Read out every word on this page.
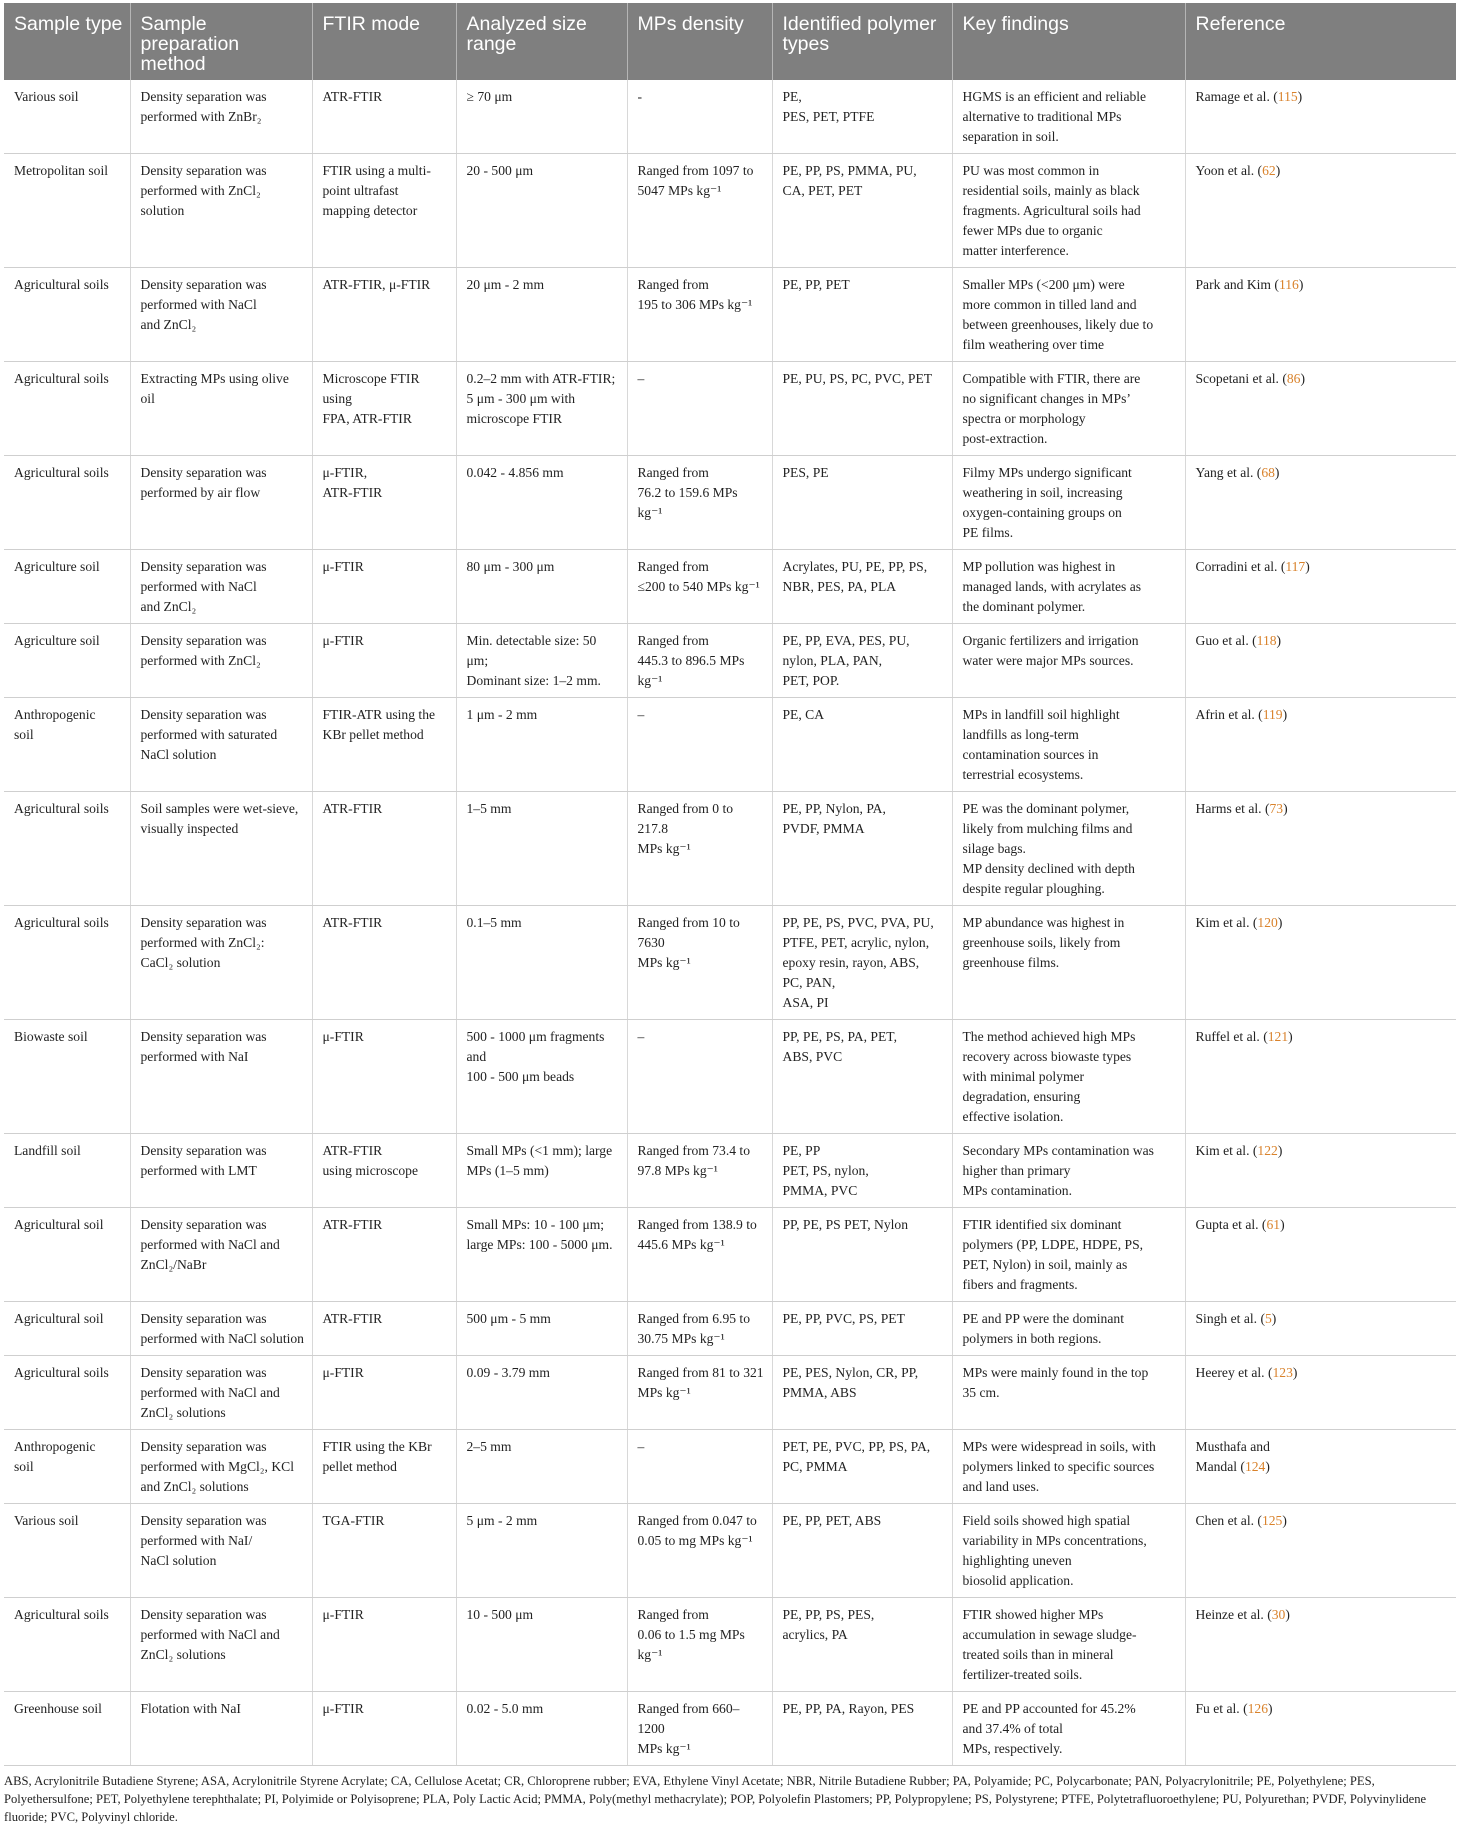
Sample type	Sample preparation method	FTIR mode	Analyzed size range	MPs density	Identified polymer types	Key findings	Reference
Various soil	Density separation was
performed with ZnBr₂	ATR-FTIR	≥ 70 μm	-	PE,
PES, PET, PTFE	HGMS is an efficient and reliable
alternative to traditional MPs
separation in soil.	Ramage et al. (115)
Metropolitan soil	Density separation was
performed with ZnCl₂ solution	FTIR using a multi-
point ultrafast
mapping detector	20 - 500 μm	Ranged from 1097 to
5047 MPs kg⁻¹	PE, PP, PS, PMMA, PU,
CA, PET, PET	PU was most common in
residential soils, mainly as black
fragments. Agricultural soils had
fewer MPs due to organic
matter interference.	Yoon et al. (62)
Agricultural soils	Density separation was
performed with NaCl
and ZnCl₂	ATR-FTIR, μ-FTIR	20 μm - 2 mm	Ranged from
195 to 306 MPs kg⁻¹	PE, PP, PET	Smaller MPs (<200 μm) were
more common in tilled land and
between greenhouses, likely due to
film weathering over time	Park and Kim (116)
Agricultural soils	Extracting MPs using olive oil	Microscope FTIR using
FPA, ATR-FTIR	0.2–2 mm with ATR-FTIR;
5 μm - 300 μm with
microscope FTIR	–	PE, PU, PS, PC, PVC, PET	Compatible with FTIR, there are
no significant changes in MPs’
spectra or morphology
post-extraction.	Scopetani et al. (86)
Agricultural soils	Density separation was
performed by air flow	μ-FTIR,
ATR-FTIR	0.042 - 4.856 mm	Ranged from
76.2 to 159.6 MPs kg⁻¹	PES, PE	Filmy MPs undergo significant
weathering in soil, increasing
oxygen-containing groups on
PE films.	Yang et al. (68)
Agriculture soil	Density separation was
performed with NaCl
and ZnCl₂	μ-FTIR	80 μm - 300 μm	Ranged from
≤200 to 540 MPs kg⁻¹	Acrylates, PU, PE, PP, PS,
NBR, PES, PA, PLA	MP pollution was highest in
managed lands, with acrylates as
the dominant polymer.	Corradini et al. (117)
Agriculture soil	Density separation was
performed with ZnCl₂	μ-FTIR	Min. detectable size: 50 μm;
Dominant size: 1–2 mm.	Ranged from
445.3 to 896.5 MPs kg⁻¹	PE, PP, EVA, PES, PU,
nylon, PLA, PAN,
PET, POP.	Organic fertilizers and irrigation
water were major MPs sources.	Guo et al. (118)
Anthropogenic
soil	Density separation was
performed with saturated
NaCl solution	FTIR-ATR using the
KBr pellet method	1 μm - 2 mm	–	PE, CA	MPs in landfill soil highlight
landfills as long-term
contamination sources in
terrestrial ecosystems.	Afrin et al. (119)
Agricultural soils	Soil samples were wet-sieve,
visually inspected	ATR-FTIR	1–5 mm	Ranged from 0 to 217.8
MPs kg⁻¹	PE, PP, Nylon, PA,
PVDF, PMMA	PE was the dominant polymer,
likely from mulching films and
silage bags.
MP density declined with depth
despite regular ploughing.	Harms et al. (73)
Agricultural soils	Density separation was
performed with ZnCl₂:
CaCl₂ solution	ATR-FTIR	0.1–5 mm	Ranged from 10 to 7630
MPs kg⁻¹	PP, PE, PS, PVC, PVA, PU,
PTFE, PET, acrylic, nylon,
epoxy resin, rayon, ABS,
PC, PAN,
ASA, PI	MP abundance was highest in
greenhouse soils, likely from
greenhouse films.	Kim et al. (120)
Biowaste soil	Density separation was
performed with NaI	μ-FTIR	500 - 1000 μm fragments and
100 - 500 μm beads	–	PP, PE, PS, PA, PET,
ABS, PVC	The method achieved high MPs
recovery across biowaste types
with minimal polymer
degradation, ensuring
effective isolation.	Ruffel et al. (121)
Landfill soil	Density separation was
performed with LMT	ATR-FTIR
using microscope	Small MPs (<1 mm); large
MPs (1–5 mm)	Ranged from 73.4 to
97.8 MPs kg⁻¹	PE, PP
PET, PS, nylon,
PMMA, PVC	Secondary MPs contamination was
higher than primary
MPs contamination.	Kim et al. (122)
Agricultural soil	Density separation was
performed with NaCl and
ZnCl₂/NaBr	ATR-FTIR	Small MPs: 10 - 100 μm;
large MPs: 100 - 5000 μm.	Ranged from 138.9 to
445.6 MPs kg⁻¹	PP, PE, PS PET, Nylon	FTIR identified six dominant
polymers (PP, LDPE, HDPE, PS,
PET, Nylon) in soil, mainly as
fibers and fragments.	Gupta et al. (61)
Agricultural soil	Density separation was
performed with NaCl solution	ATR-FTIR	500 μm - 5 mm	Ranged from 6.95 to
30.75 MPs kg⁻¹	PE, PP, PVC, PS, PET	PE and PP were the dominant
polymers in both regions.	Singh et al. (5)
Agricultural soils	Density separation was
performed with NaCl and
ZnCl₂ solutions	μ-FTIR	0.09 - 3.79 mm	Ranged from 81 to 321
MPs kg⁻¹	PE, PES, Nylon, CR, PP,
PMMA, ABS	MPs were mainly found in the top
35 cm.	Heerey et al. (123)
Anthropogenic
soil	Density separation was
performed with MgCl₂, KCl
and ZnCl₂ solutions	FTIR using the KBr
pellet method	2–5 mm	–	PET, PE, PVC, PP, PS, PA,
PC, PMMA	MPs were widespread in soils, with
polymers linked to specific sources
and land uses.	Musthafa and
Mandal (124)
Various soil	Density separation was
performed with NaI/
NaCl solution	TGA-FTIR	5 μm - 2 mm	Ranged from 0.047 to
0.05 to mg MPs kg⁻¹	PE, PP, PET, ABS	Field soils showed high spatial
variability in MPs concentrations,
highlighting uneven
biosolid application.	Chen et al. (125)
Agricultural soils	Density separation was
performed with NaCl and
ZnCl₂ solutions	μ-FTIR	10 - 500 μm	Ranged from
0.06 to 1.5 mg MPs kg⁻¹	PE, PP, PS, PES,
acrylics, PA	FTIR showed higher MPs
accumulation in sewage sludge-
treated soils than in mineral
fertilizer-treated soils.	Heinze et al. (30)
Greenhouse soil	Flotation with NaI	μ-FTIR	0.02 - 5.0 mm	Ranged from 660–1200
MPs kg⁻¹	PE, PP, PA, Rayon, PES	PE and PP accounted for 45.2%
and 37.4% of total
MPs, respectively.	Fu et al. (126)
ABS, Acrylonitrile Butadiene Styrene; ASA, Acrylonitrile Styrene Acrylate; CA, Cellulose Acetat; CR, Chloroprene rubber; EVA, Ethylene Vinyl Acetate; NBR, Nitrile Butadiene Rubber; PA, Polyamide; PC, Polycarbonate; PAN, Polyacrylonitrile; PE, Polyethylene; PES, Polyethersulfone; PET, Polyethylene terephthalate; PI, Polyimide or Polyisoprene; PLA, Poly Lactic Acid; PMMA, Poly(methyl methacrylate); POP, Polyolefin Plastomers; PP, Polypropylene; PS, Polystyrene; PTFE, Polytetrafluoroethylene; PU, Polyurethan; PVDF, Polyvinylidene fluoride; PVC, Polyvinyl chloride.
